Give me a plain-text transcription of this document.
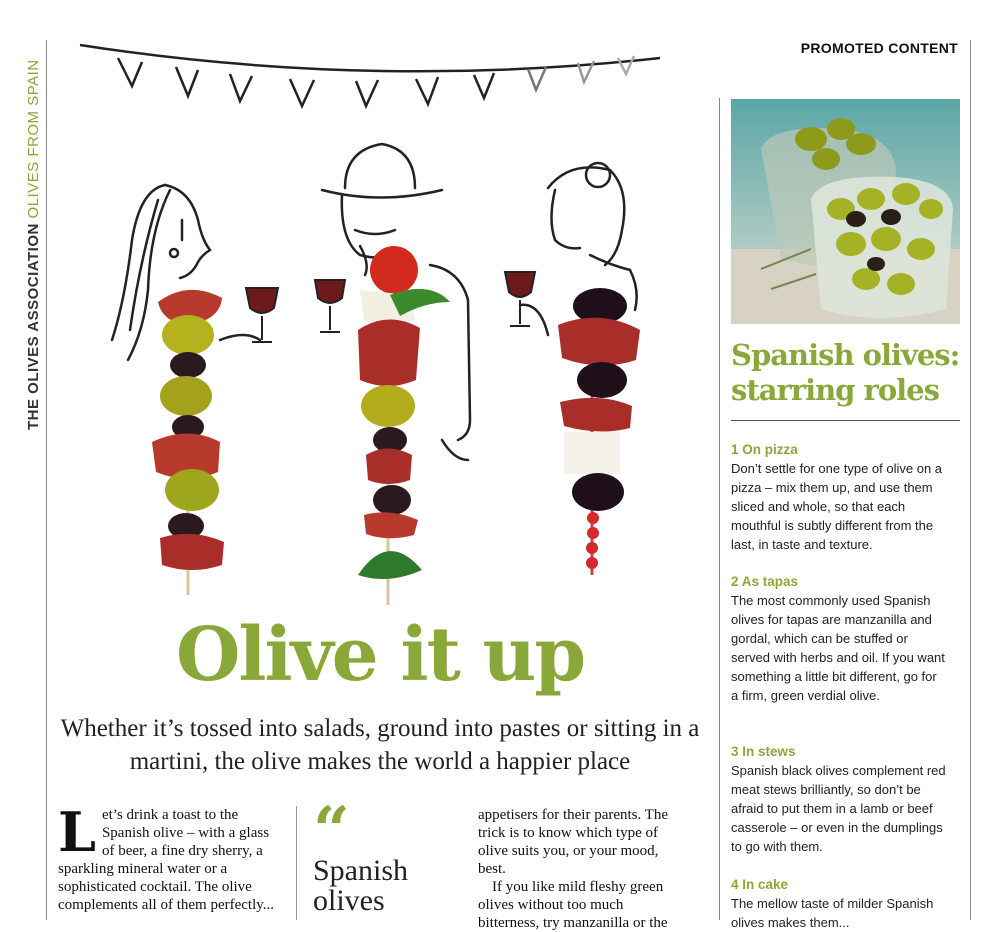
THE OLIVES ASSOCIATION OLIVES FROM SPAIN
PROMOTED CONTENT
Olive it up
Whether it’s tossed into salads, ground into pastes or sitting in a martini, the olive makes the world a happier place
Let’s drink a toast to the Spanish olive – with a glass of beer, a fine dry sherry, a sparkling mineral water or a sophisticated cocktail. The olive complements all of them perfectly...
“
Spanish olives

appetisers for their parents. The trick is to know which type of olive suits you, or your mood, best.

If you like mild fleshy green olives without too much bitterness, try manzanilla or the

Spanish olives: starring roles
1 On pizza

Don’t settle for one type of olive on a pizza – mix them up, and use them sliced and whole, so that each mouthful is subtly different from the last, in taste and texture.

2 As tapas

The most commonly used Spanish olives for tapas are manzanilla and gordal, which can be stuffed or served with herbs and oil. If you want something a little bit different, go for a firm, green verdial olive.

3 In stews

Spanish black olives complement red meat stews brilliantly, so don’t be afraid to put them in a lamb or beef casserole – or even in the dumplings to go with them.

4 In cake

The mellow taste of milder Spanish olives makes them...
